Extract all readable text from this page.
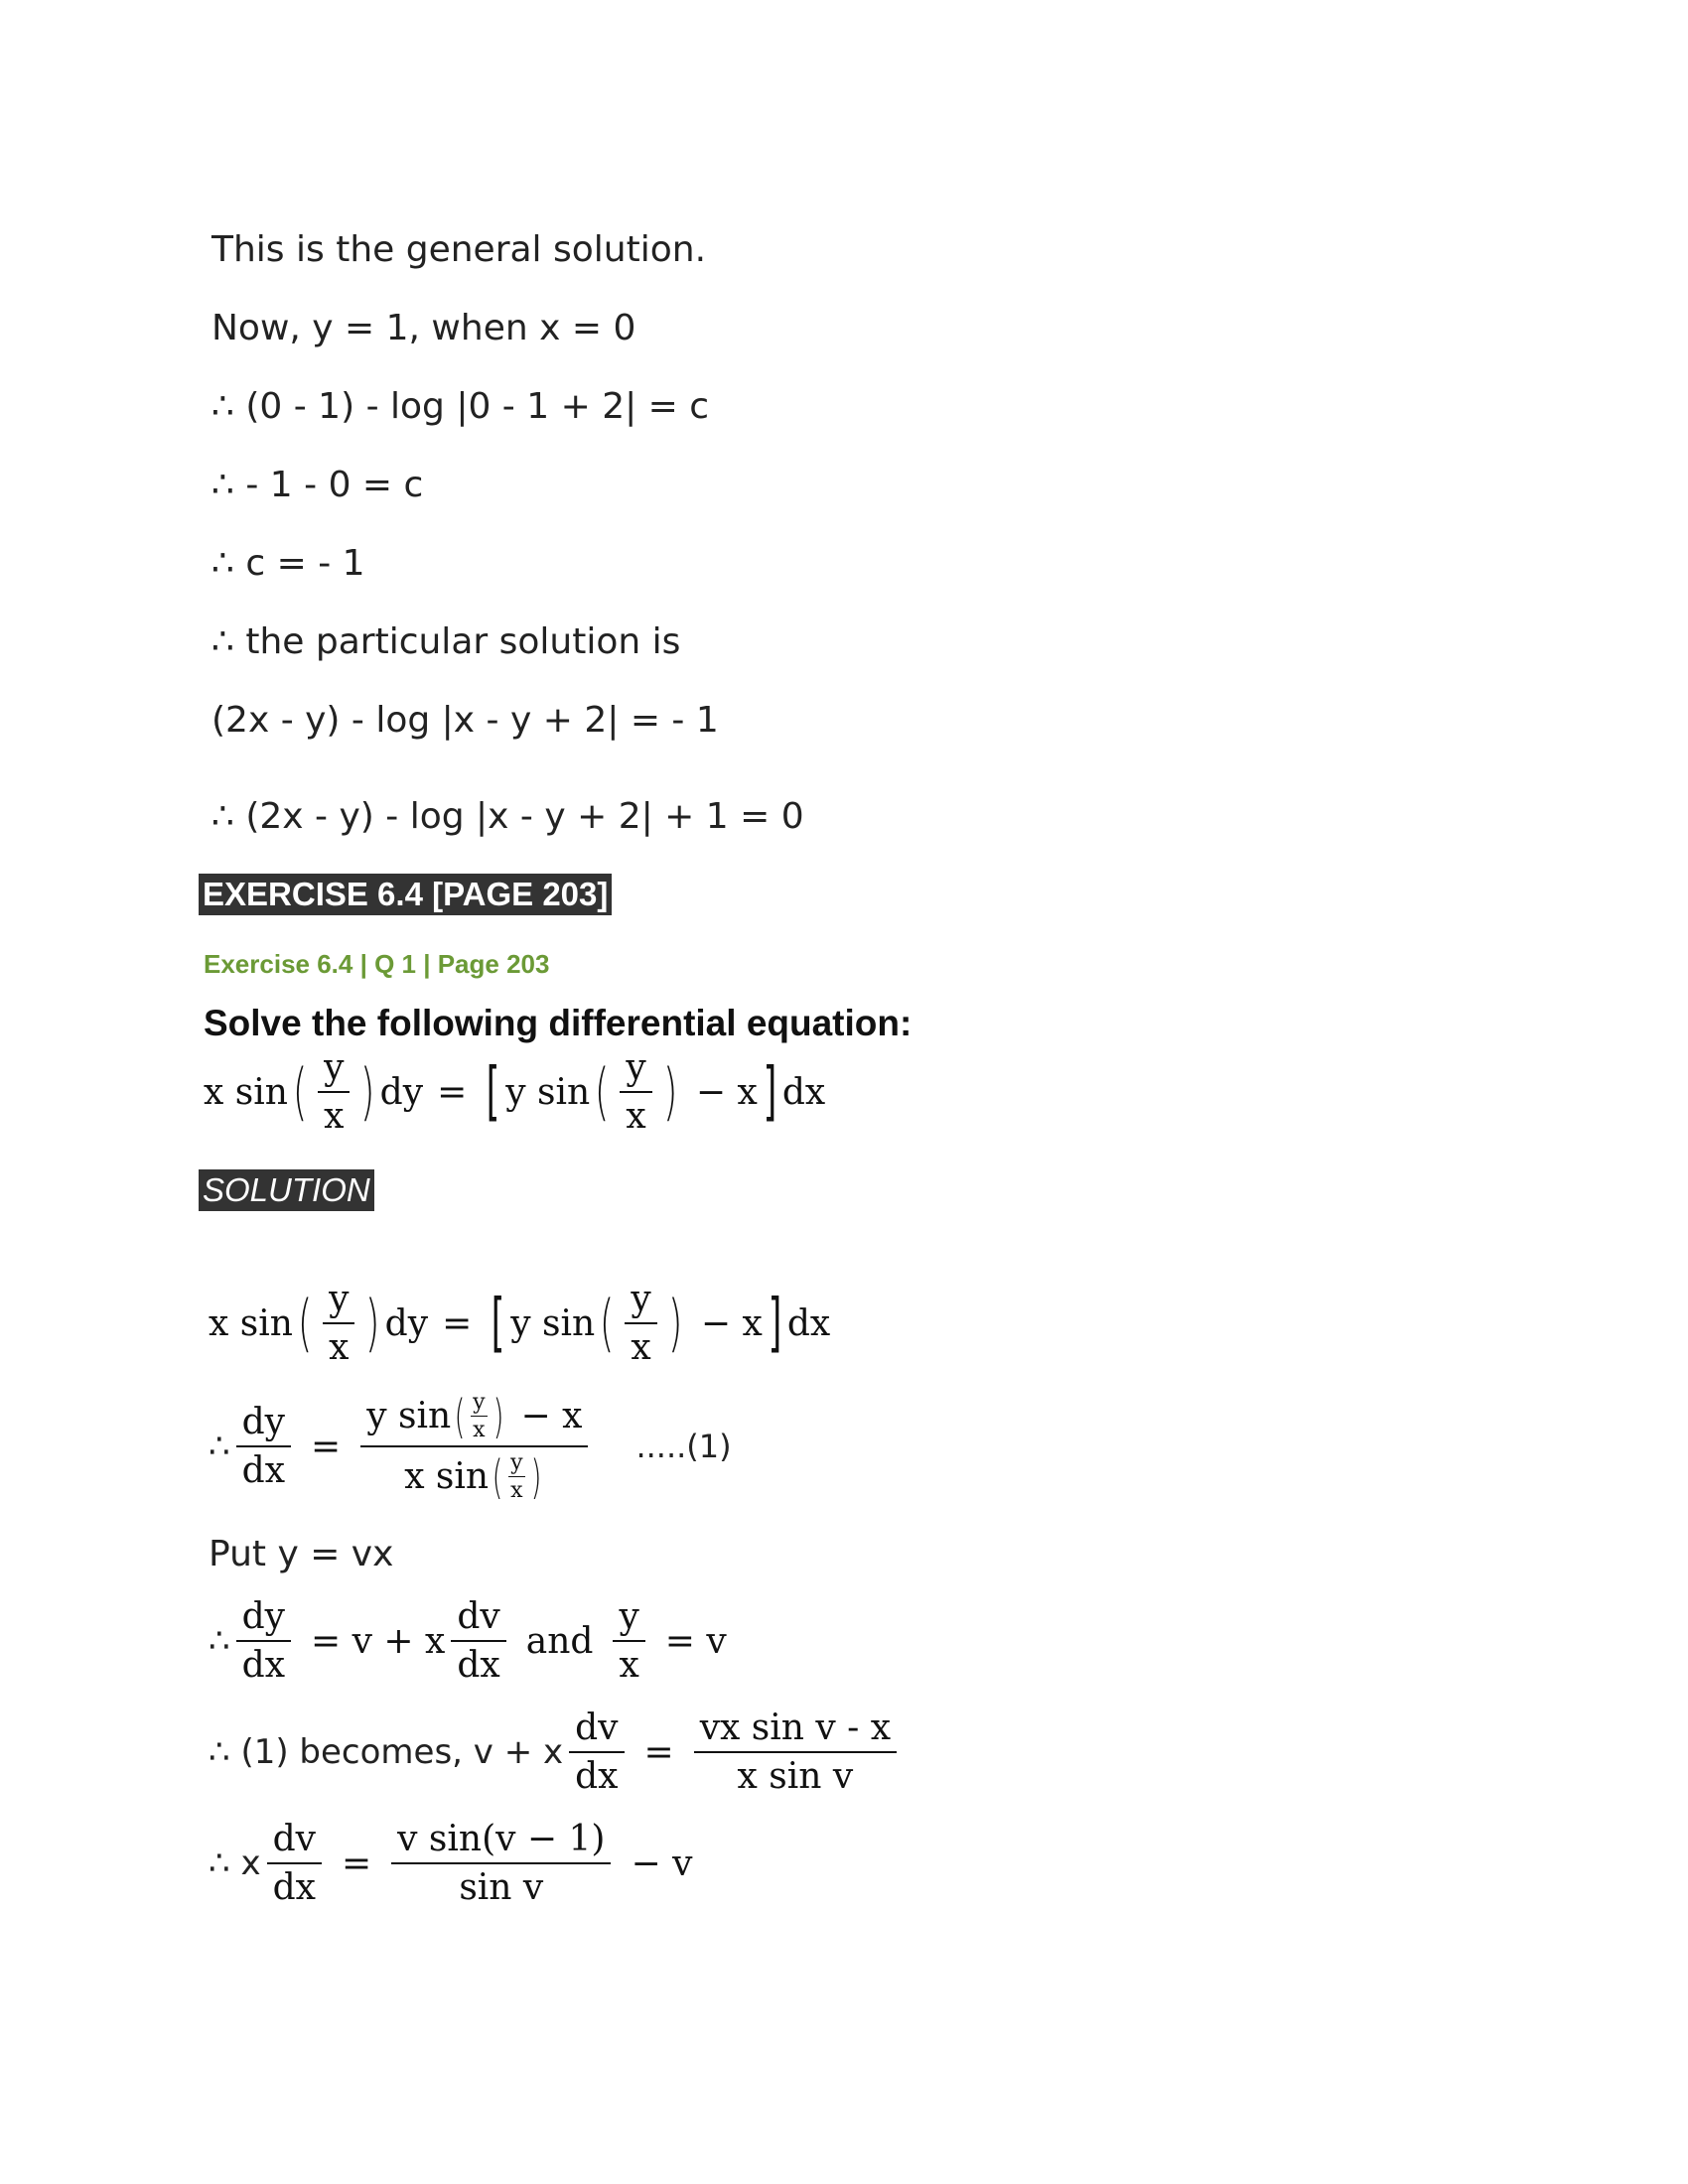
This is the general solution.
Now, y = 1, when x = 0
∴ (0 - 1) - log |0 - 1 + 2| = c
∴ - 1 - 0 = c
∴ c = - 1
∴ the particular solution is
(2x - y) - log |x - y + 2| = - 1
∴ (2x - y) - log |x - y + 2| + 1 = 0
EXERCISE 6.4 [PAGE 203]
Exercise 6.4 | Q 1 | Page 203
Solve the following differential equation:
x sin ( $\frac{y}{x}$ ) dy = [ y sin ( $\frac{y}{x}$ ) − x ] dx
SOLUTION
x sin ( $\frac{y}{x}$ ) dy = [ y sin ( $\frac{y}{x}$ ) − x ] dx
∴ $\frac{dy}{dx} = \frac{y \sin ( \frac{y}{x} ) - x}{x \sin ( \frac{y}{x} )} .....(1)$
Put y = vx
∴ $\frac{dy}{dx} = v + x \frac{dv}{dx}$ and $\frac{y}{x} = v$
∴ (1) becomes, v + x $\frac{dv}{dx} = \frac{\text{vx sin v - x}}{\text{x sin v}}$
∴ x $\frac{dv}{dx} = \frac{\text{v sin(v − 1)}}{\text{sin v}} - v$
